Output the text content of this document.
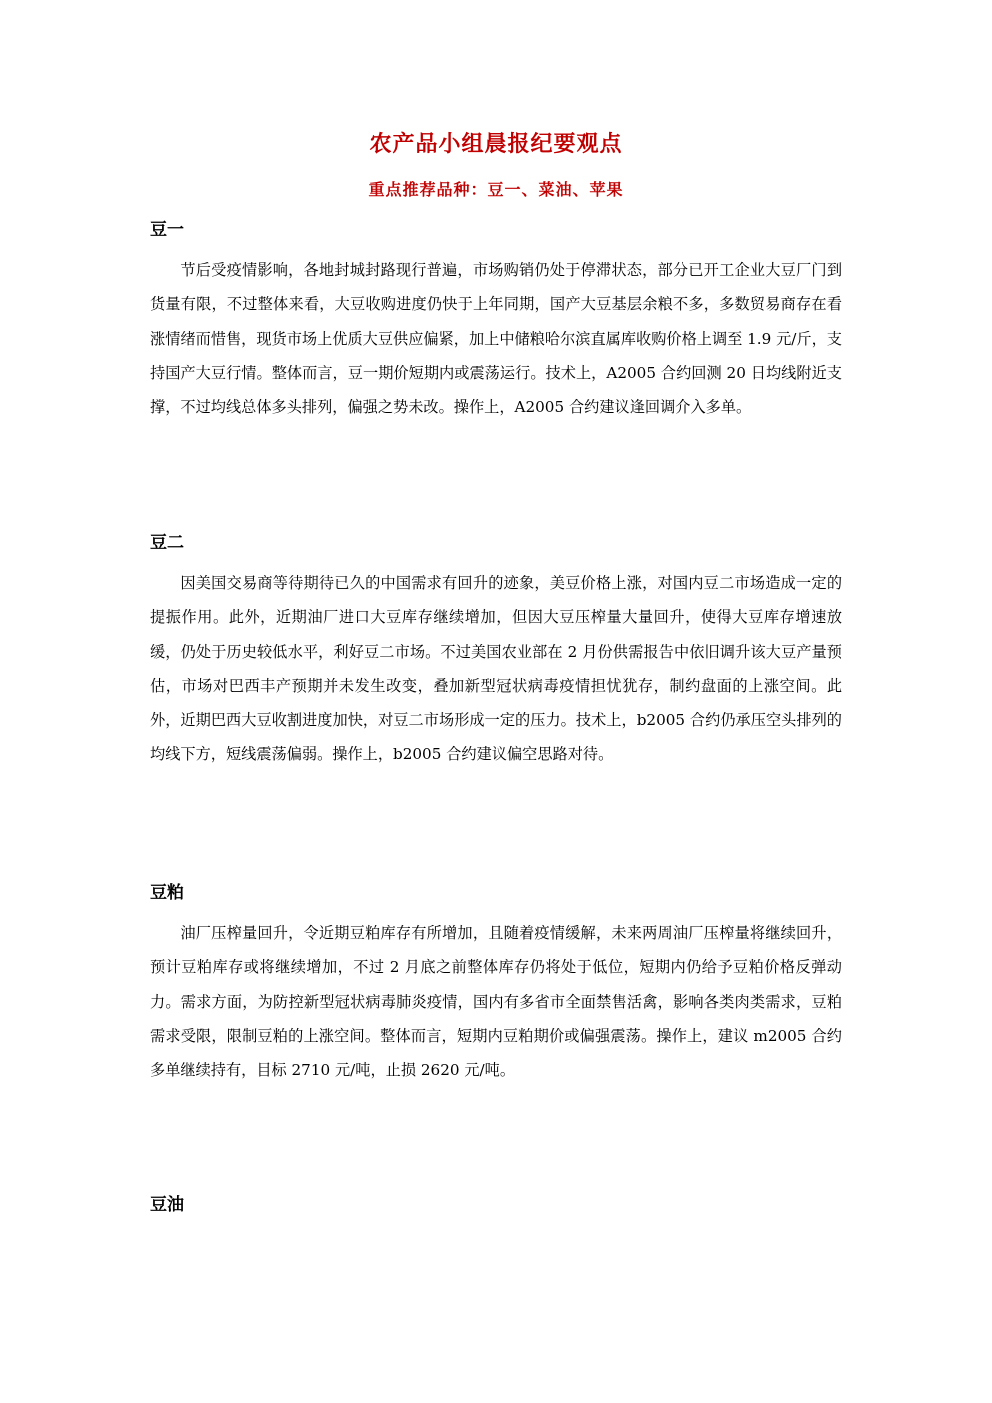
农产品小组晨报纪要观点
重点推荐品种：豆一、菜油、苹果
豆一

节后受疫情影响，各地封城封路现行普遍，市场购销仍处于停滞状态，部分已开工企业大豆厂门到货量有限，不过整体来看，大豆收购进度仍快于上年同期，国产大豆基层余粮不多，多数贸易商存在看涨情绪而惜售，现货市场上优质大豆供应偏紧，加上中储粮哈尔滨直属库收购价格上调至 1.9 元/斤，支持国产大豆行情。整体而言，豆一期价短期内或震荡运行。技术上，A2005 合约回测 20 日均线附近支撑，不过均线总体多头排列，偏强之势未改。操作上，A2005 合约建议逢回调介入多单。

豆二

因美国交易商等待期待已久的中国需求有回升的迹象，美豆价格上涨，对国内豆二市场造成一定的提振作用。此外，近期油厂进口大豆库存继续增加，但因大豆压榨量大量回升，使得大豆库存增速放缓，仍处于历史较低水平，利好豆二市场。不过美国农业部在 2 月份供需报告中依旧调升该大豆产量预估，市场对巴西丰产预期并未发生改变，叠加新型冠状病毒疫情担忧犹存，制约盘面的上涨空间。此外，近期巴西大豆收割进度加快，对豆二市场形成一定的压力。技术上，b2005 合约仍承压空头排列的均线下方，短线震荡偏弱。操作上，b2005 合约建议偏空思路对待。

豆粕

油厂压榨量回升，令近期豆粕库存有所增加，且随着疫情缓解，未来两周油厂压榨量将继续回升，预计豆粕库存或将继续增加，不过 2 月底之前整体库存仍将处于低位，短期内仍给予豆粕价格反弹动力。需求方面，为防控新型冠状病毒肺炎疫情，国内有多省市全面禁售活禽，影响各类肉类需求，豆粕需求受限，限制豆粕的上涨空间。整体而言，短期内豆粕期价或偏强震荡。操作上，建议 m2005 合约多单继续持有，目标 2710 元/吨，止损 2620 元/吨。

豆油
